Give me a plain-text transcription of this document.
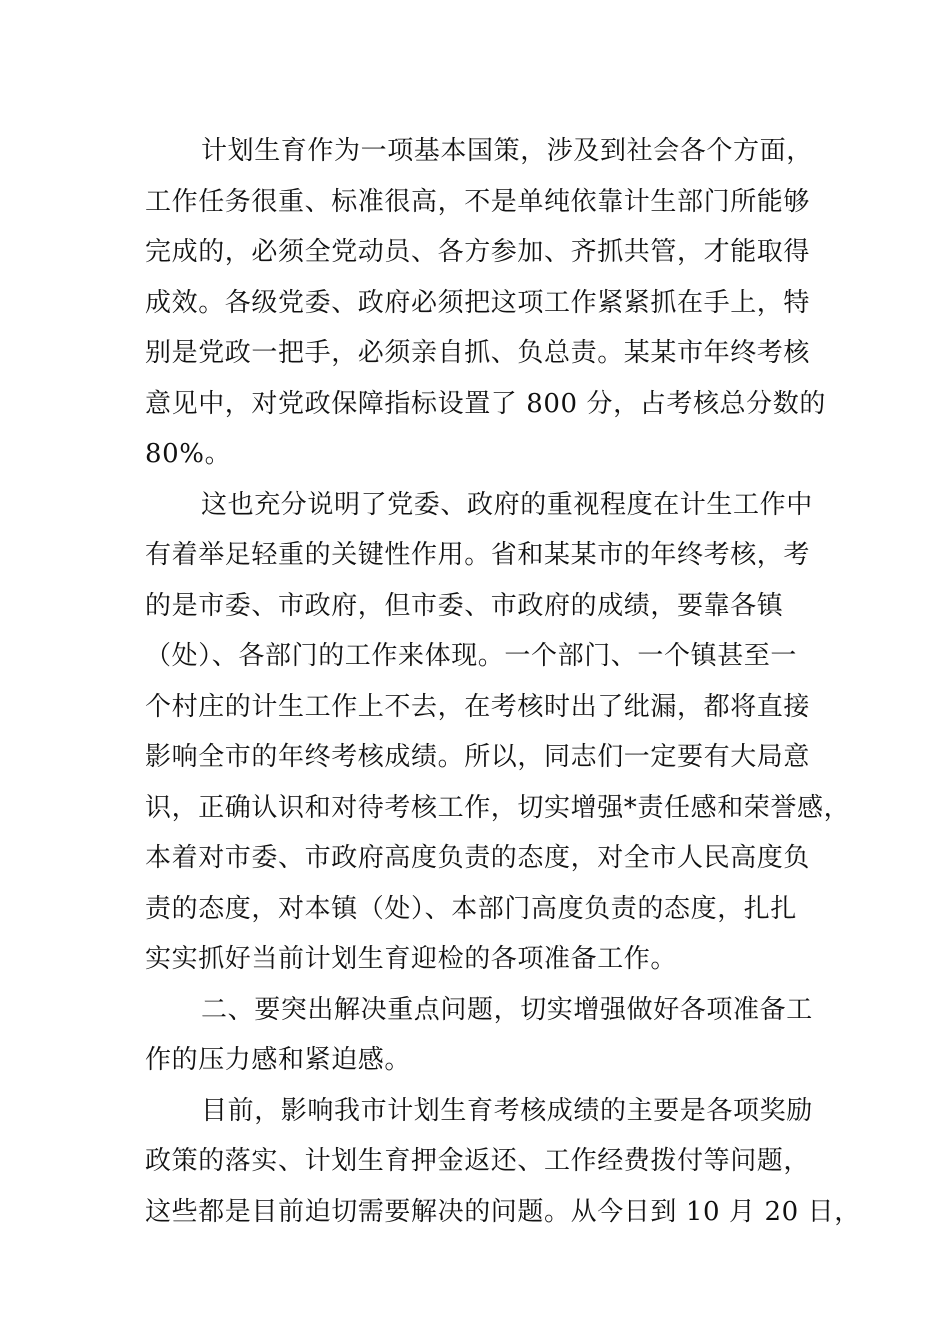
计划生育作为一项基本国策，涉及到社会各个方面，
工作任务很重、标准很高，不是单纯依靠计生部门所能够
完成的，必须全党动员、各方参加、齐抓共管，才能取得
成效。各级党委、政府必须把这项工作紧紧抓在手上，特
别是党政一把手，必须亲自抓、负总责。某某市年终考核
意见中，对党政保障指标设置了 800 分，占考核总分数的
80%。

这也充分说明了党委、政府的重视程度在计生工作中
有着举足轻重的关键性作用。省和某某市的年终考核，考
的是市委、市政府，但市委、市政府的成绩，要靠各镇
（处）、各部门的工作来体现。一个部门、一个镇甚至一
个村庄的计生工作上不去，在考核时出了纰漏，都将直接
影响全市的年终考核成绩。所以，同志们一定要有大局意
识，正确认识和对待考核工作，切实增强*责任感和荣誉感，
本着对市委、市政府高度负责的态度，对全市人民高度负
责的态度，对本镇（处）、本部门高度负责的态度，扎扎
实实抓好当前计划生育迎检的各项准备工作。

二、要突出解决重点问题，切实增强做好各项准备工
作的压力感和紧迫感。

目前，影响我市计划生育考核成绩的主要是各项奖励
政策的落实、计划生育押金返还、工作经费拨付等问题，
这些都是目前迫切需要解决的问题。从今日到 10 月 20 日，
